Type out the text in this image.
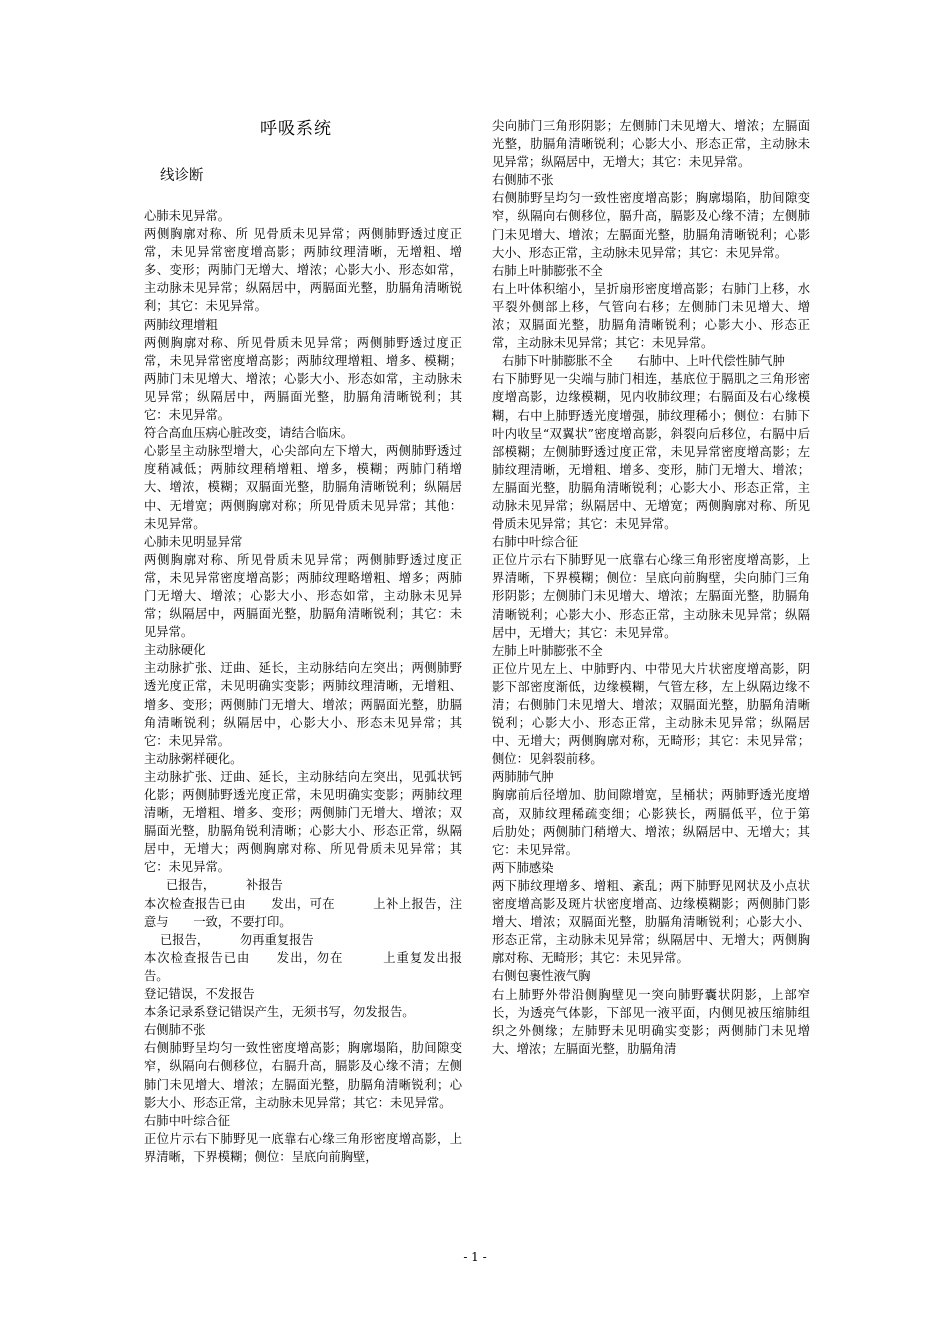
呼吸系统
线诊断

心肺未见异常。

两侧胸廓对称、所 见骨质未见异常；两侧肺野透过度正常，未见异常密度增高影；两肺纹理清晰，无增粗、增多、变形；两肺门无增大、增浓；心影大小、形态如常，主动脉未见异常；纵隔居中，两膈面光整，肋膈角清晰锐利；其它：未见异常。

两肺纹理增粗

两侧胸廓对称、所见骨质未见异常；两侧肺野透过度正常，未见异常密度增高影；两肺纹理增粗、增多、模糊；两肺门未见增大、增浓；心影大小、形态如常，主动脉未见异常；纵隔居中，两膈面光整，肋膈角清晰锐利；其它：未见异常。

符合高血压病心脏改变，请结合临床。

心影呈主动脉型增大，心尖部向左下增大，两侧肺野透过度稍减低；两肺纹理稍增粗、增多，模糊；两肺门稍增大、增浓，模糊；双膈面光整，肋膈角清晰锐利；纵隔居中、无增宽；两侧胸廓对称；所见骨质未见异常；其他：未见异常。

心肺未见明显异常

两侧胸廓对称、所见骨质未见异常；两侧肺野透过度正常，未见异常密度增高影；两肺纹理略增粗、增多；两肺门无增大、增浓；心影大小、形态如常，主动脉未见异常；纵隔居中，两膈面光整，肋膈角清晰锐利；其它：未见异常。

主动脉硬化

主动脉扩张、迂曲、延长，主动脉结向左突出；两侧肺野透光度正常，未见明确实变影；两肺纹理清晰，无增粗、增多、变形；两侧肺门无增大、增浓；两膈面光整，肋膈角清晰锐利；纵隔居中，心影大小、形态未见异常；其它：未见异常。

主动脉粥样硬化。

主动脉扩张、迂曲、延长，主动脉结向左突出，见弧状钙化影；两侧肺野透光度正常，未见明确实变影；两肺纹理清晰，无增粗、增多、变形；两侧肺门无增大、增浓；双膈面光整，肋膈角锐利清晰；心影大小、形态正常，纵隔居中，无增大；两侧胸廓对称、所见骨质未见异常；其它：未见异常。

已报告，　　　补报告

本次检查报告已由　　发出，可在　　　上补上报告，注意与　　一致，不要打印。

已报告，　　　勿再重复报告

本次检查报告已由　　发出，勿在　　　上重复发出报告。

登记错误，不发报告

本条记录系登记错误产生，无须书写，勿发报告。

右侧肺不张

右侧肺野呈均匀一致性密度增高影；胸廓塌陷，肋间隙变窄，纵隔向右侧移位，右膈升高，膈影及心缘不清；左侧肺门未见增大、增浓；左膈面光整，肋膈角清晰锐利；心影大小、形态正常，主动脉未见异常；其它：未见异常。

右肺中叶综合征

正位片示右下肺野见一底靠右心缘三角形密度增高影，上界清晰，下界模糊；侧位：呈底向前胸壁，

尖向肺门三角形阴影；左侧肺门未见增大、增浓；左膈面光整，肋膈角清晰锐利；心影大小、形态正常，主动脉未见异常；纵隔居中，无增大；其它：未见异常。

右侧肺不张

右侧肺野呈均匀一致性密度增高影；胸廓塌陷，肋间隙变窄，纵隔向右侧移位，膈升高，膈影及心缘不清；左侧肺门未见增大、增浓；左膈面光整，肋膈角清晰锐利；心影大小、形态正常，主动脉未见异常；其它：未见异常。

右肺上叶肺膨张不全

右上叶体积缩小，呈折扇形密度增高影；右肺门上移，水平裂外侧部上移，气管向右移；左侧肺门未见增大、增浓；双膈面光整，肋膈角清晰锐利；心影大小、形态正常，主动脉未见异常；其它：未见异常。

右肺下叶肺膨胀不全　　右肺中、上叶代偿性肺气肿

右下肺野见一尖端与肺门相连，基底位于膈肌之三角形密度增高影，边缘模糊，见内收肺纹理；右膈面及右心缘模糊，右中上肺野透光度增强，肺纹理稀小；侧位：右肺下叶内收呈“双翼状”密度增高影，斜裂向后移位，右膈中后部模糊；左侧肺野透过度正常，未见异常密度增高影；左肺纹理清晰，无增粗、增多、变形，肺门无增大、增浓；左膈面光整，肋膈角清晰锐利；心影大小、形态正常，主动脉未见异常；纵隔居中、无增宽；两侧胸廓对称、所见骨质未见异常；其它：未见异常。

右肺中叶综合征

正位片示右下肺野见一底靠右心缘三角形密度增高影，上界清晰，下界模糊；侧位：呈底向前胸壁，尖向肺门三角形阴影；左侧肺门未见增大、增浓；左膈面光整，肋膈角清晰锐利；心影大小、形态正常，主动脉未见异常；纵隔居中，无增大；其它：未见异常。

左肺上叶肺膨张不全

正位片见左上、中肺野内、中带见大片状密度增高影，阴影下部密度渐低，边缘模糊，气管左移，左上纵隔边缘不清；右侧肺门未见增大、增浓；双膈面光整，肋膈角清晰锐利；心影大小、形态正常，主动脉未见异常；纵隔居中、无增大；两侧胸廓对称，无畸形；其它：未见异常；侧位：见斜裂前移。

两肺肺气肿

胸廓前后径增加、肋间隙增宽，呈桶状；两肺野透光度增高，双肺纹理稀疏变细；心影狭长，两膈低平，位于第　　后肋处；两侧肺门稍增大、增浓；纵隔居中、无增大；其它：未见异常。

两下肺感染

两下肺纹理增多、增粗、紊乱；两下肺野见网状及小点状密度增高影及斑片状密度增高、边缘模糊影；两侧肺门影增大、增浓；双膈面光整，肋膈角清晰锐利；心影大小、形态正常，主动脉未见异常；纵隔居中、无增大；两侧胸廓对称、无畸形；其它：未见异常。

右侧包裹性液气胸

右上肺野外带沿侧胸壁见一突向肺野囊状阴影，上部窄长，为透亮气体影，下部见一液平面，内侧见被压缩肺组织之外侧缘；左肺野未见明确实变影；两侧肺门未见增大、增浓；左膈面光整，肋膈角清

- 1 -
